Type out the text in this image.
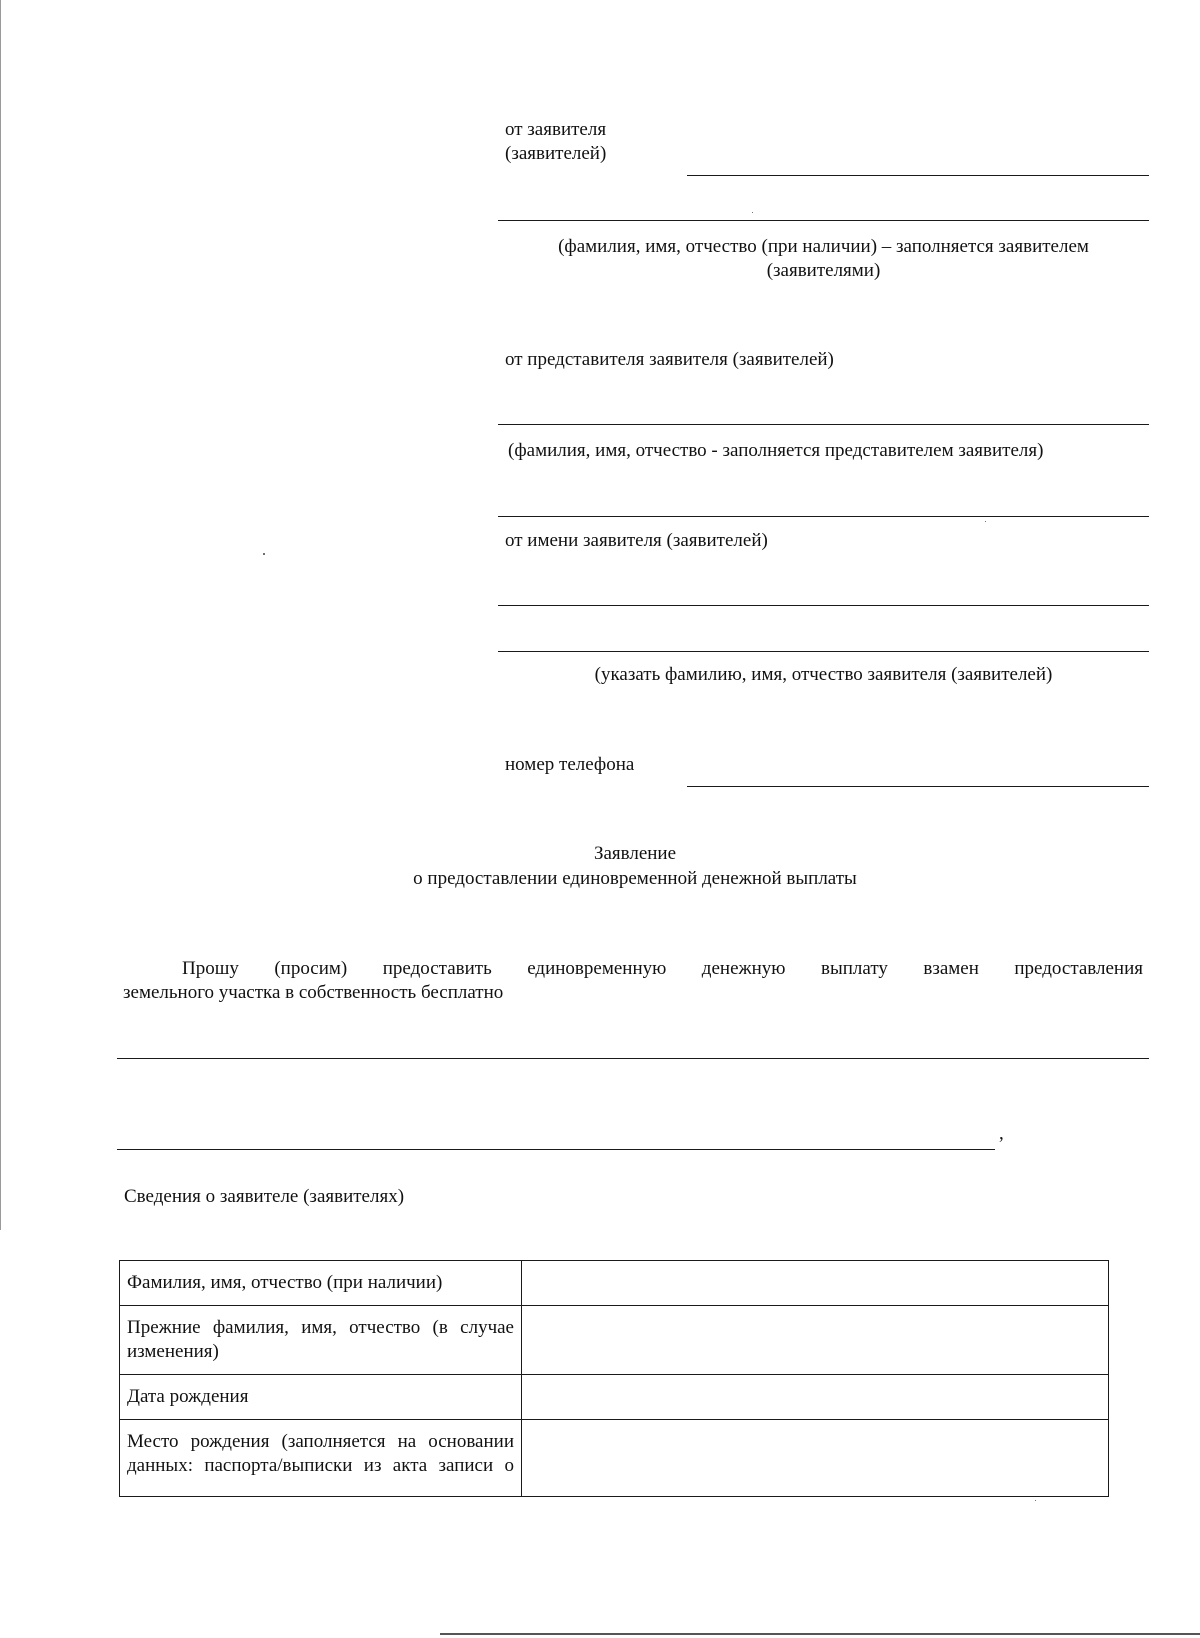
от заявителя
(заявителей)
(фамилия, имя, отчество (при наличии) – заполняется заявителем
(заявителями)
от представителя заявителя (заявителей)
(фамилия, имя, отчество - заполняется представителем заявителя)
от имени заявителя (заявителей)
(указать фамилию, имя, отчество заявителя (заявителей)
номер телефона
Заявление
о предоставлении единовременной денежной выплаты
Прошу (просим) предоставить единовременную денежную выплату взамен предоставления
земельного участка в собственность бесплатно
,
Сведения о заявителе (заявителях)
Фамилия, имя, отчество (при наличии)	
Прежние фамилия, имя, отчество (в случае изменения)	
Дата рождения	
Место рождения (заполняется на основании данных: паспорта/выписки из акта записи о	
